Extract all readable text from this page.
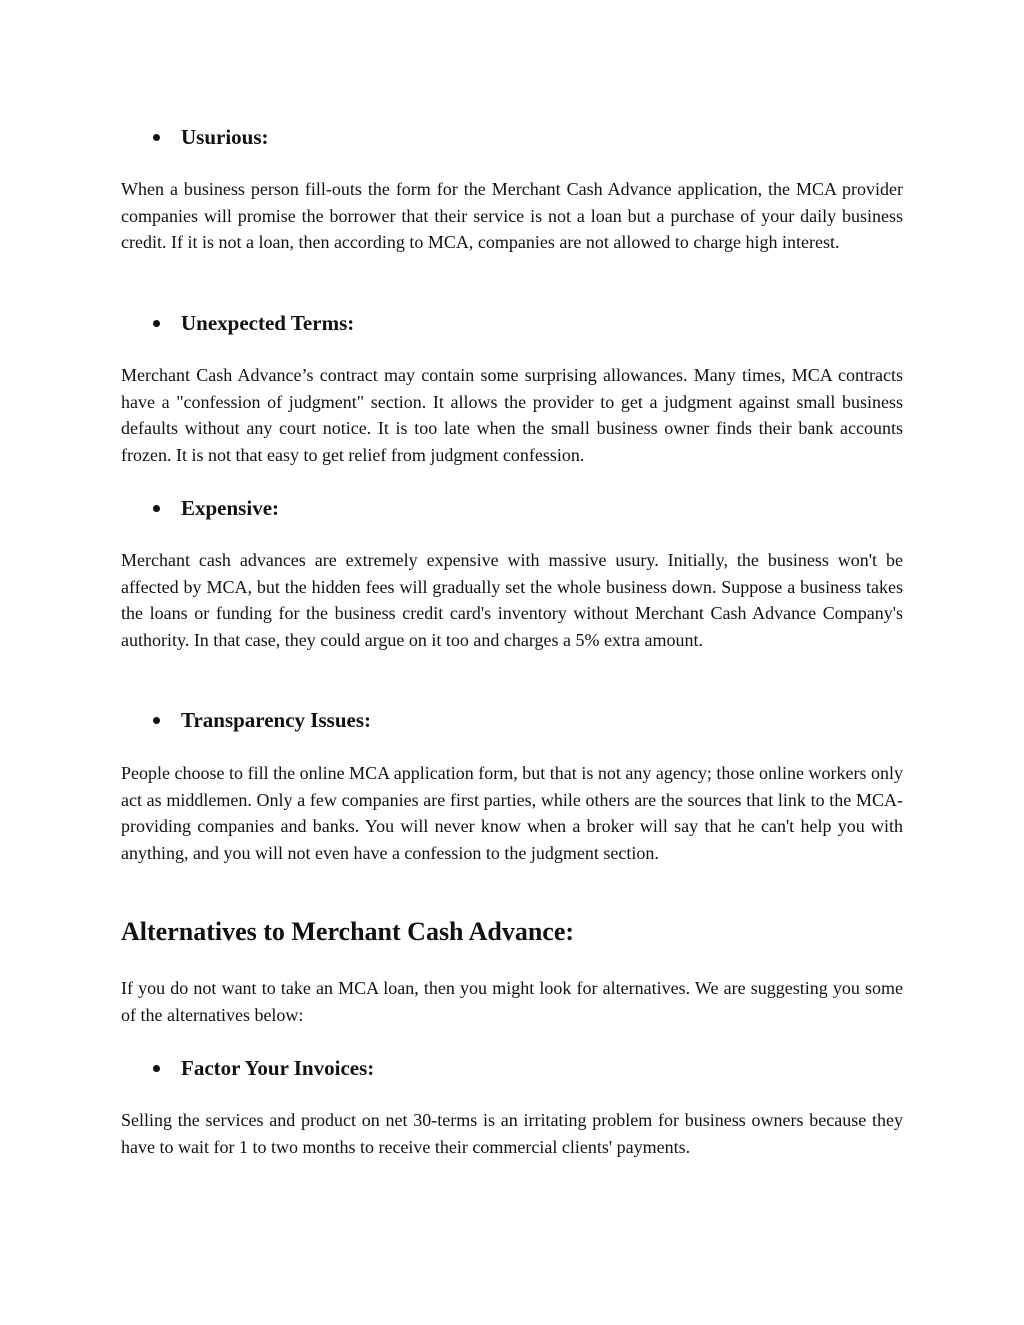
Usurious:

When a business person fill-outs the form for the Merchant Cash Advance application, the MCA provider companies will promise the borrower that their service is not a loan but a purchase of your daily business credit. If it is not a loan, then according to MCA, companies are not allowed to charge high interest.

Unexpected Terms:

Merchant Cash Advance’s contract may contain some surprising allowances. Many times, MCA contracts have a "confession of judgment" section. It allows the provider to get a judgment against small business defaults without any court notice. It is too late when the small business owner finds their bank accounts frozen. It is not that easy to get relief from judgment confession.

Expensive:

Merchant cash advances are extremely expensive with massive usury. Initially, the business won't be affected by MCA, but the hidden fees will gradually set the whole business down. Suppose a business takes the loans or funding for the business credit card's inventory without Merchant Cash Advance Company's authority. In that case, they could argue on it too and charges a 5% extra amount.

Transparency Issues:

People choose to fill the online MCA application form, but that is not any agency; those online workers only act as middlemen. Only a few companies are first parties, while others are the sources that link to the MCA-providing companies and banks. You will never know when a broker will say that he can't help you with anything, and you will not even have a confession to the judgment section.

Alternatives to Merchant Cash Advance:

If you do not want to take an MCA loan, then you might look for alternatives. We are suggesting you some of the alternatives below:

Factor Your Invoices:

Selling the services and product on net 30-terms is an irritating problem for business owners because they have to wait for 1 to two months to receive their commercial clients' payments.
